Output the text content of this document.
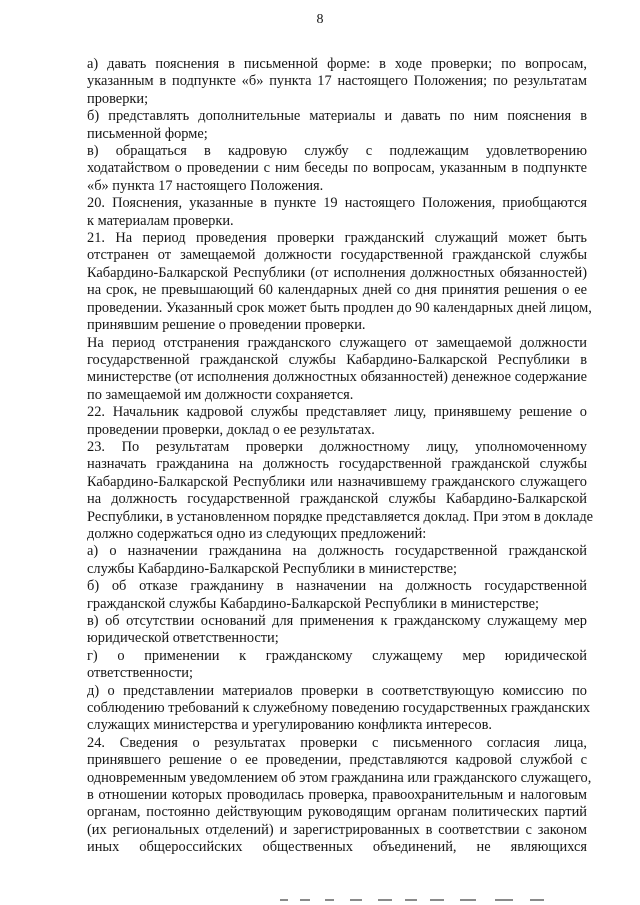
8
а) давать пояснения в письменной форме: в ходе проверки; по вопросам,
указанным в подпункте «б» пункта 17 настоящего Положения; по результатам
проверки;
б) представлять дополнительные материалы и давать по ним пояснения в
письменной форме;
в) обращаться в кадровую службу с подлежащим удовлетворению
ходатайством о проведении с ним беседы по вопросам, указанным в подпункте
«б» пункта 17 настоящего Положения.
20. Пояснения, указанные в пункте 19 настоящего Положения, приобщаются
к материалам проверки.
21. На период проведения проверки гражданский служащий может быть
отстранен от замещаемой должности государственной гражданской службы
Кабардино-Балкарской Республики (от исполнения должностных обязанностей)
на срок, не превышающий 60 календарных дней со дня принятия решения о ее
проведении. Указанный срок может быть продлен до 90 календарных дней лицом,
принявшим решение о проведении проверки.
На период отстранения гражданского служащего от замещаемой должности
государственной гражданской службы Кабардино-Балкарской Республики в
министерстве (от исполнения должностных обязанностей) денежное содержание
по замещаемой им должности сохраняется.
22. Начальник кадровой службы представляет лицу, принявшему решение о
проведении проверки, доклад о ее результатах.
23. По результатам проверки должностному лицу, уполномоченному
назначать гражданина на должность государственной гражданской службы
Кабардино-Балкарской Республики или назначившему гражданского служащего
на должность государственной гражданской службы Кабардино-Балкарской
Республики, в установленном порядке представляется доклад. При этом в докладе
должно содержаться одно из следующих предложений:
а) о назначении гражданина на должность государственной гражданской
службы Кабардино-Балкарской Республики в министерстве;
б) об отказе гражданину в назначении на должность государственной
гражданской службы Кабардино-Балкарской Республики в министерстве;
в) об отсутствии оснований для применения к гражданскому служащему мер
юридической ответственности;
г) о применении к гражданскому служащему мер юридической
ответственности;
д) о представлении материалов проверки в соответствующую комиссию по
соблюдению требований к служебному поведению государственных гражданских
служащих министерства и урегулированию конфликта интересов.
24. Сведения о результатах проверки с письменного согласия лица,
принявшего решение о ее проведении, представляются кадровой службой с
одновременным уведомлением об этом гражданина или гражданского служащего,
в отношении которых проводилась проверка, правоохранительным и налоговым
органам, постоянно действующим руководящим органам политических партий
(их региональных отделений) и зарегистрированных в соответствии с законом
иных общероссийских общественных объединений, не являющихся
